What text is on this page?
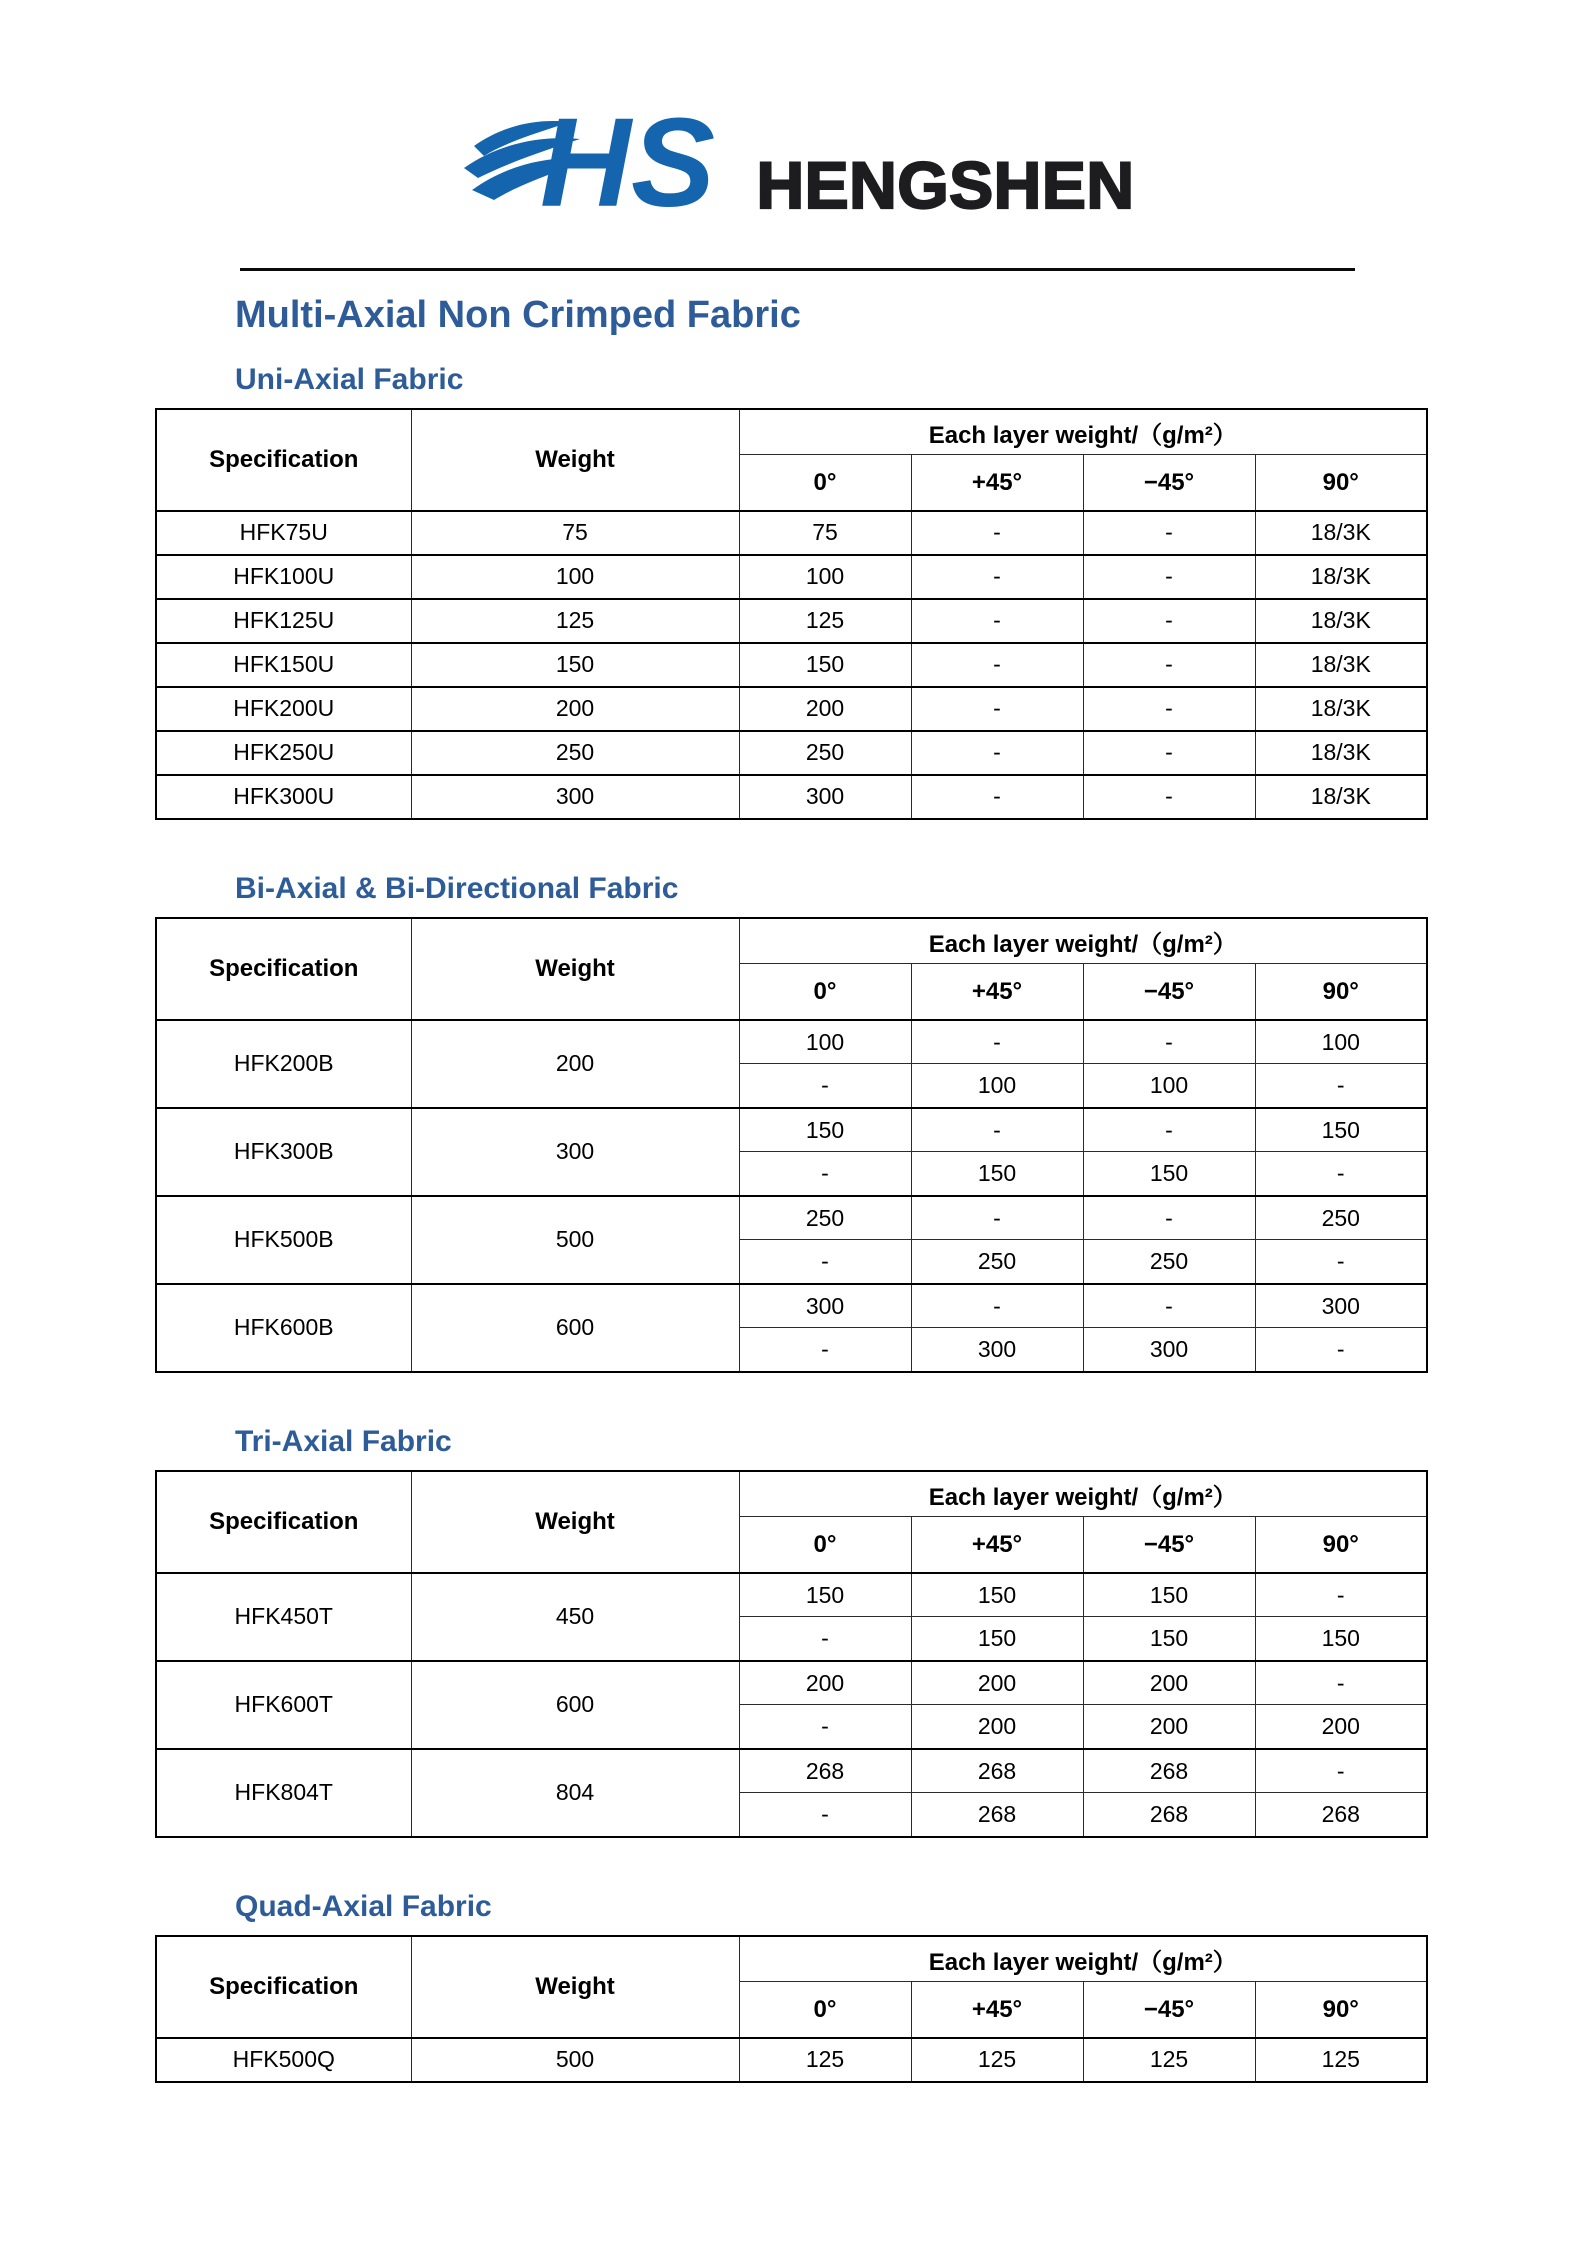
HS HENGSHEN
Multi-Axial Non Crimped Fabric
Uni-Axial Fabric
Specification	Weight	Each layer weight/（g/m²）			
		0°	+45°	−45°	90°
HFK75U	75	75	-	-	18/3K
HFK100U	100	100	-	-	18/3K
HFK125U	125	125	-	-	18/3K
HFK150U	150	150	-	-	18/3K
HFK200U	200	200	-	-	18/3K
HFK250U	250	250	-	-	18/3K
HFK300U	300	300	-	-	18/3K
Bi-Axial & Bi-Directional Fabric
Specification	Weight	Each layer weight/（g/m²）			
		0°	+45°	−45°	90°
HFK200B	200	100	-	-	100
		-	100	100	-
HFK300B	300	150	-	-	150
		-	150	150	-
HFK500B	500	250	-	-	250
		-	250	250	-
HFK600B	600	300	-	-	300
		-	300	300	-
Tri-Axial Fabric
Specification	Weight	Each layer weight/（g/m²）			
		0°	+45°	−45°	90°
HFK450T	450	150	150	150	-
		-	150	150	150
HFK600T	600	200	200	200	-
		-	200	200	200
HFK804T	804	268	268	268	-
		-	268	268	268
Quad-Axial Fabric
Specification	Weight	Each layer weight/（g/m²）			
		0°	+45°	−45°	90°
HFK500Q	500	125	125	125	125
